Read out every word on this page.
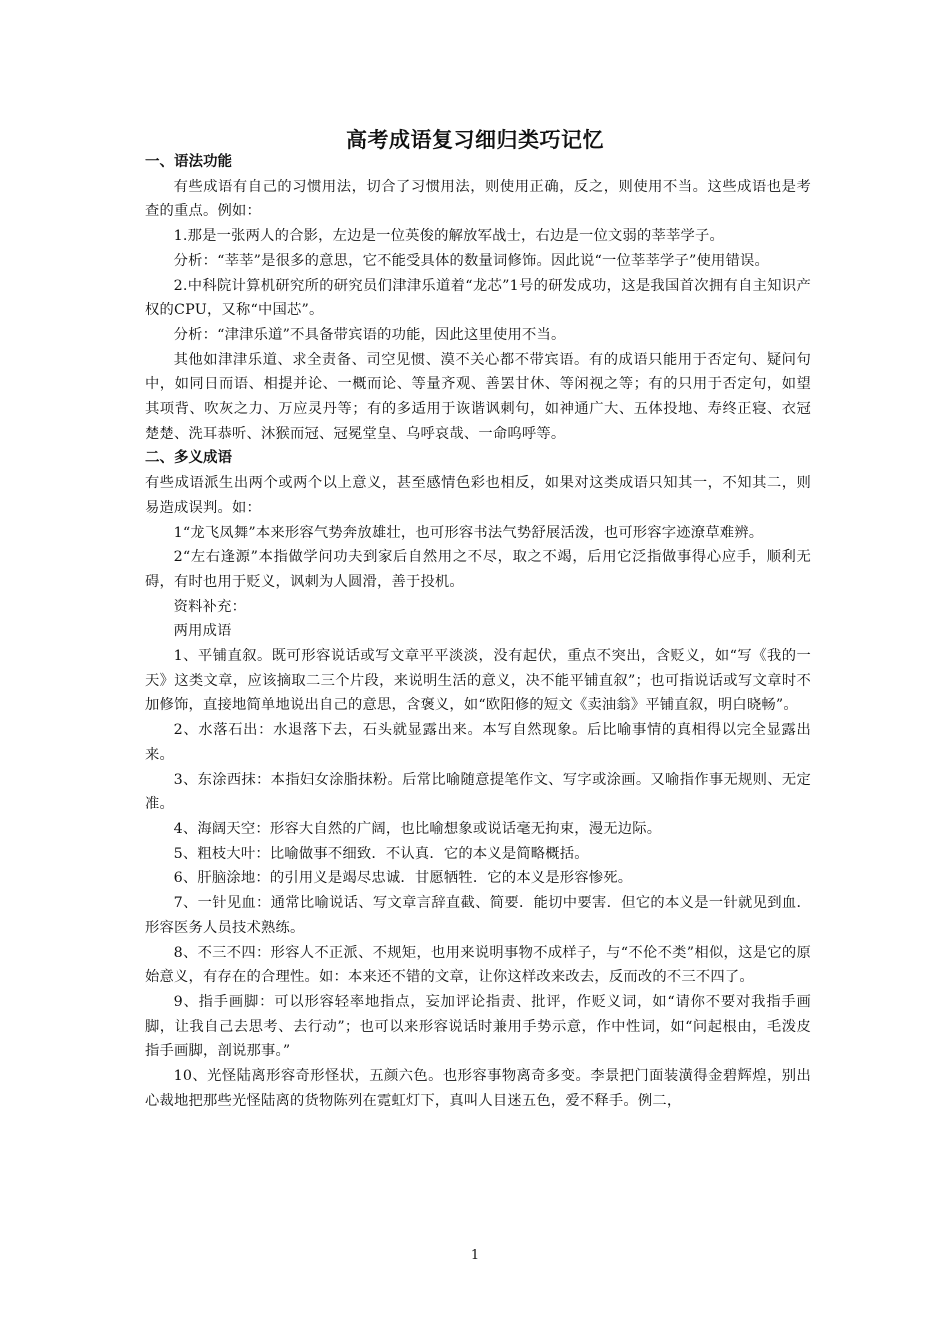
高考成语复习细归类巧记忆
一、语法功能
有些成语有自己的习惯用法，切合了习惯用法，则使用正确，反之，则使用不当。这些成语也是考查的重点。例如：
1.那是一张两人的合影，左边是一位英俊的解放军战士，右边是一位文弱的莘莘学子。
分析：“莘莘”是很多的意思，它不能受具体的数量词修饰。因此说“一位莘莘学子”使用错误。
2.中科院计算机研究所的研究员们津津乐道着“龙芯”1号的研发成功，这是我国首次拥有自主知识产权的CPU，又称“中国芯”。
分析：“津津乐道”不具备带宾语的功能，因此这里使用不当。
其他如津津乐道、求全责备、司空见惯、漠不关心都不带宾语。有的成语只能用于否定句、疑问句中，如同日而语、相提并论、一概而论、等量齐观、善罢甘休、等闲视之等；有的只用于否定句，如望其项背、吹灰之力、万应灵丹等；有的多适用于诙谐讽刺句，如神通广大、五体投地、寿终正寝、衣冠楚楚、洗耳恭听、沐猴而冠、冠冕堂皇、乌呼哀哉、一命呜呼等。
二、多义成语
有些成语派生出两个或两个以上意义，甚至感情色彩也相反，如果对这类成语只知其一，不知其二，则易造成误判。如：
1“龙飞凤舞”本来形容气势奔放雄壮，也可形容书法气势舒展活泼，也可形容字迹潦草难辨。
2“左右逢源”本指做学问功夫到家后自然用之不尽，取之不竭，后用它泛指做事得心应手，顺利无碍，有时也用于贬义，讽刺为人圆滑，善于投机。
资料补充：
两用成语
1、平铺直叙。既可形容说话或写文章平平淡淡，没有起伏，重点不突出，含贬义，如“写《我的一天》这类文章，应该摘取二三个片段，来说明生活的意义，决不能平铺直叙”；也可指说话或写文章时不加修饰，直接地简单地说出自己的意思，含褒义，如“欧阳修的短文《卖油翁》平铺直叙，明白晓畅”。
2、水落石出：水退落下去，石头就显露出来。本写自然现象。后比喻事情的真相得以完全显露出来。
3、东涂西抹：本指妇女涂脂抹粉。后常比喻随意提笔作文、写字或涂画。又喻指作事无规则、无定准。
4、海阔天空：形容大自然的广阔，也比喻想象或说话毫无拘束，漫无边际。
5、粗枝大叶：比喻做事不细致．不认真．它的本义是简略概括。
6、肝脑涂地：的引用义是竭尽忠诚．甘愿牺牲．它的本义是形容惨死。
7、一针见血：通常比喻说话、写文章言辞直截、简要．能切中要害．但它的本义是一针就见到血．形容医务人员技术熟练。
8、不三不四：形容人不正派、不规矩，也用来说明事物不成样子，与“不伦不类”相似，这是它的原始意义，有存在的合理性。如：本来还不错的文章，让你这样改来改去，反而改的不三不四了。
9、指手画脚：可以形容轻率地指点，妄加评论指责、批评，作贬义词，如“请你不要对我指手画脚，让我自己去思考、去行动”；也可以来形容说话时兼用手势示意，作中性词，如“问起根由，毛泼皮指手画脚，剖说那事。”
10、光怪陆离形容奇形怪状，五颜六色。也形容事物离奇多变。李景把门面装潢得金碧辉煌，别出心裁地把那些光怪陆离的货物陈列在霓虹灯下，真叫人目迷五色，爱不释手。例二，
1
